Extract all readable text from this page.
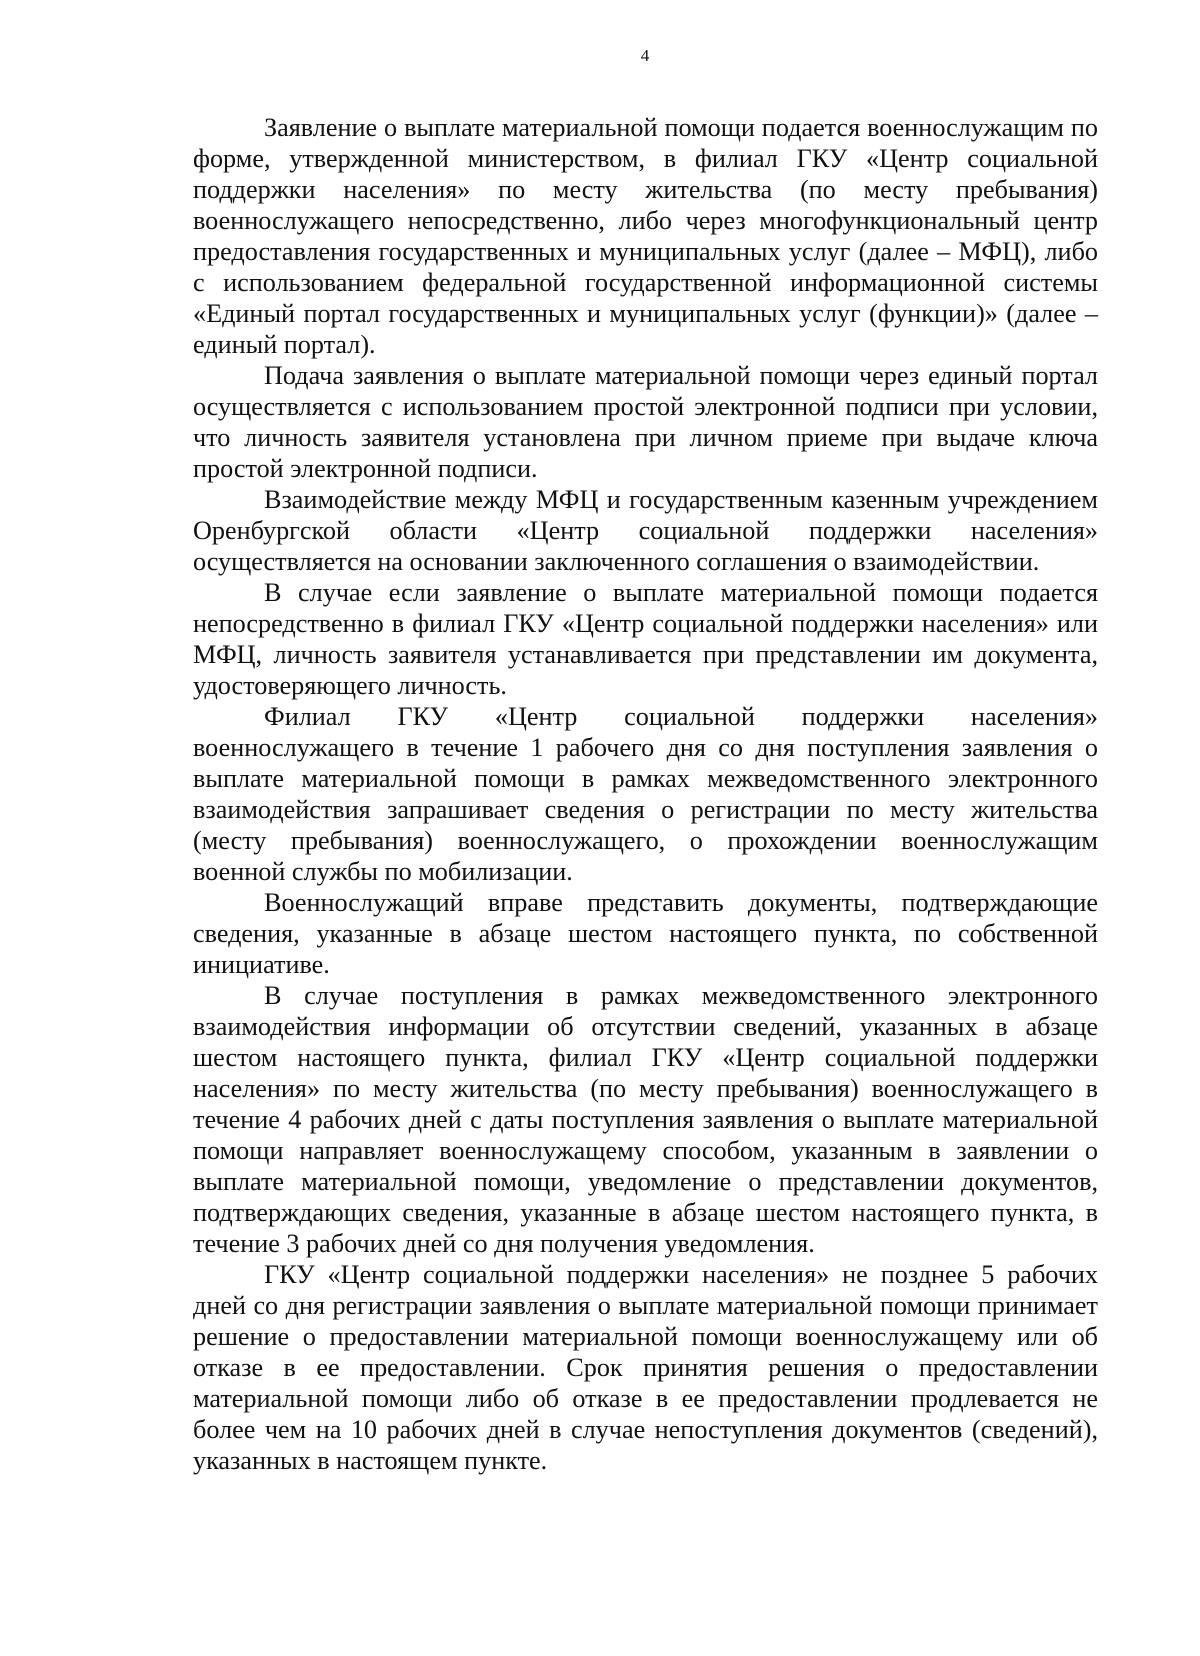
4

Заявление о выплате материальной помощи подается военнослужащим по форме, утвержденной министерством, в филиал ГКУ «Центр социальной поддержки населения» по месту жительства (по месту пребывания) военнослужащего непосредственно, либо через многофункциональный центр предоставления государственных и муниципальных услуг (далее – МФЦ), либо с использованием федеральной государственной информационной системы «Единый портал государственных и муниципальных услуг (функции)» (далее – единый портал).

Подача заявления о выплате материальной помощи через единый портал осуществляется с использованием простой электронной подписи при условии, что личность заявителя установлена при личном приеме при выдаче ключа простой электронной подписи.

Взаимодействие между МФЦ и государственным казенным учреждением Оренбургской области «Центр социальной поддержки населения» осуществляется на основании заключенного соглашения о взаимодействии.

В случае если заявление о выплате материальной помощи подается непосредственно в филиал ГКУ «Центр социальной поддержки населения» или МФЦ, личность заявителя устанавливается при представлении им документа, удостоверяющего личность.

Филиал ГКУ «Центр социальной поддержки населения» военнослужащего в течение 1 рабочего дня со дня поступления заявления о выплате материальной помощи в рамках межведомственного электронного взаимодействия запрашивает сведения о регистрации по месту жительства (месту пребывания) военнослужащего, о прохождении военнослужащим военной службы по мобилизации.

Военнослужащий вправе представить документы, подтверждающие сведения, указанные в абзаце шестом настоящего пункта, по собственной инициативе.

В случае поступления в рамках межведомственного электронного взаимодействия информации об отсутствии сведений, указанных в абзаце шестом настоящего пункта, филиал ГКУ «Центр социальной поддержки населения» по месту жительства (по месту пребывания) военнослужащего в течение 4 рабочих дней с даты поступления заявления о выплате материальной помощи направляет военнослужащему способом, указанным в заявлении о выплате материальной помощи, уведомление о представлении документов, подтверждающих сведения, указанные в абзаце шестом настоящего пункта, в течение 3 рабочих дней со дня получения уведомления.

ГКУ «Центр социальной поддержки населения» не позднее 5 рабочих дней со дня регистрации заявления о выплате материальной помощи принимает решение о предоставлении материальной помощи военнослужащему или об отказе в ее предоставлении. Срок принятия решения о предоставлении материальной помощи либо об отказе в ее предоставлении продлевается не более чем на 10 рабочих дней в случае непоступления документов (сведений), указанных в настоящем пункте.
